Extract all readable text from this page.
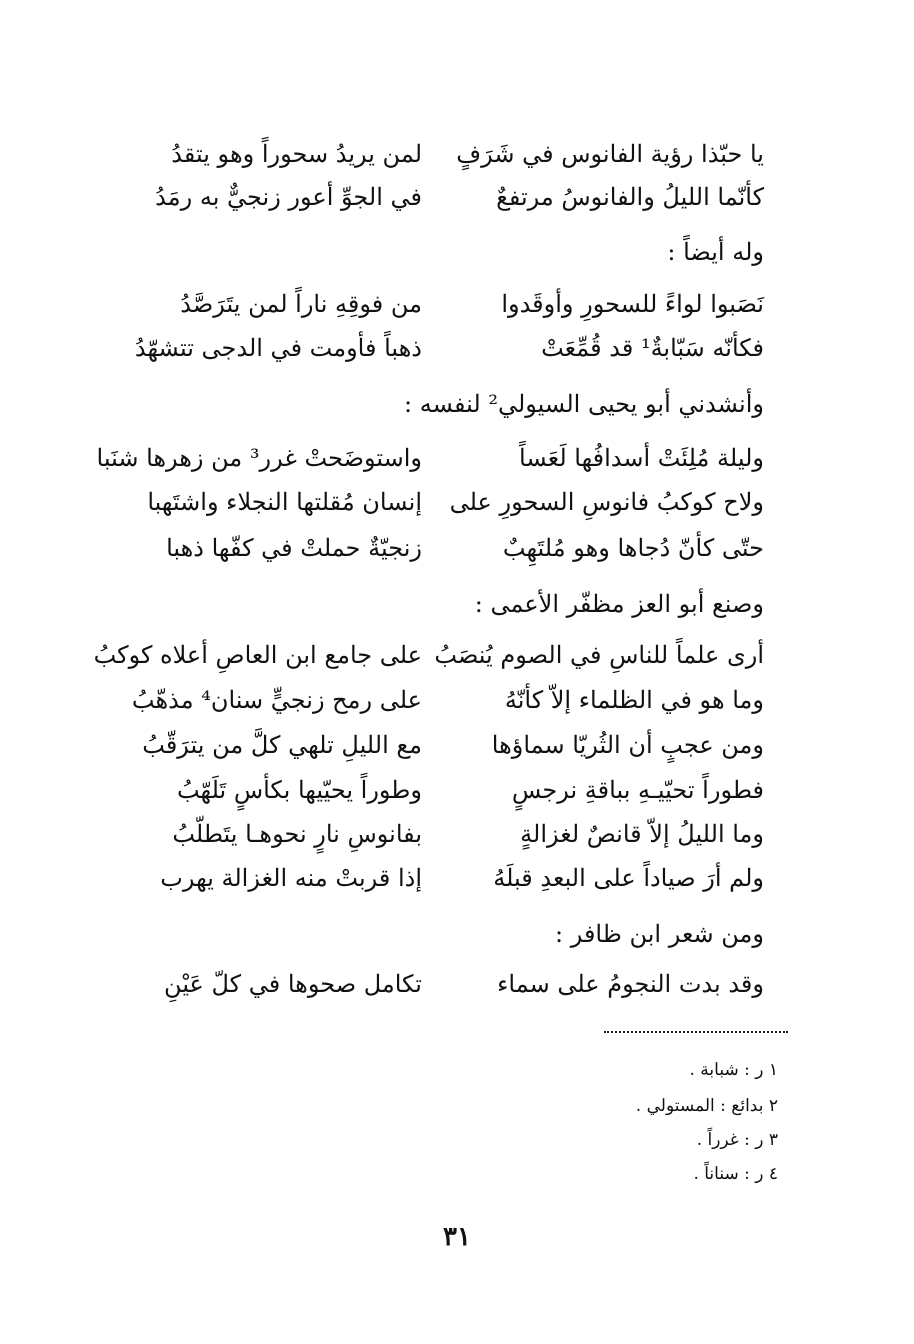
يا حبّذا رؤية الفانوس في شَرَفٍ
لمن يريدُ سحوراً وهو يتقدُ
كأنّما الليلُ والفانوسُ مرتفعٌ
في الجوِّ أعور زنجيٌّ به رمَدُ
وله أيضاً :
نَصَبوا لواءً للسحورِ وأوقَدوا
من فوقِهِ ناراً لمن يتَرَصَّدُ
فكأنّه سَبّابةٌ¹ قد قُمِّعَتْ
ذهباً فأومت في الدجى تتشهّدُ
وأنشدني أبو يحيى السيولي² لنفسه :
وليلة مُلِئَتْ أسدافُها لَعَساً
واستوضَحتْ غرر³ من زهرها شنَبا
ولاح كوكبُ فانوسِ السحورِ على
إنسان مُقلتها النجلاء واشتَهبا
حتّى كأنّ دُجاها وهو مُلتَهِبٌ
زنجيّةٌ حملتْ في كفّها ذهبا
وصنع أبو العز مظفّر الأعمى :
أرى علماً للناسِ في الصوم يُنصَبُ
على جامع ابن العاصِ أعلاه كوكبُ
وما هو في الظلماء إلاّ كأنّهُ
على رمح زنجيٍّ سنان⁴ مذهّبُ
ومن عجبٍ أن الثُريّا سماؤها
مع الليلِ تلهي كلَّ من يترَقّبُ
فطوراً تحيّيـهِ بباقةِ نرجسٍ
وطوراً يحيّيها بكأسٍ تَلَهّبُ
وما الليلُ إلاّ قانصٌ لغزالةٍ
بفانوسِ نارٍ نحوهـا يتَطلّبُ
ولم أرَ صياداً على البعدِ قبلَهُ
إذا قربتْ منه الغزالة يهرب
ومن شعر ابن ظافر :
وقد بدت النجومُ على سماء
تكامل صحوها في كلّ عَيْنِ
١ ر : شبابة .
٢ بدائع : المستولي .
٣ ر : غرراً .
٤ ر : سناناً .
٣١
